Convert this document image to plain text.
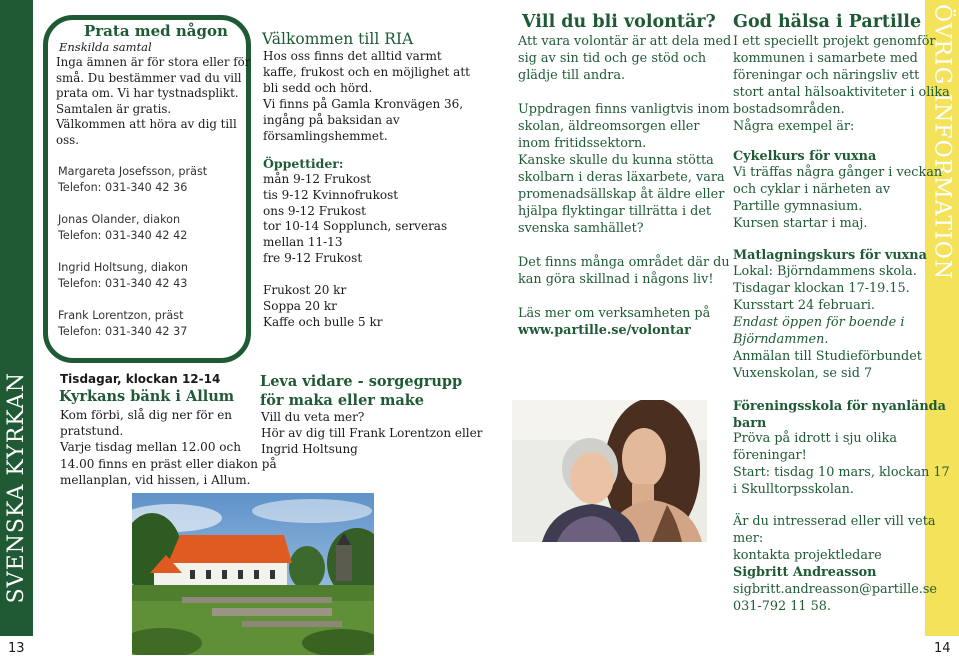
SVENSKA KYRKAN
13
ÖVRIG INFORMATION
14
Prata med någon
Enskilda samtal
Inga ämnen är för stora eller för
små. Du bestämmer vad du vill
prata om. Vi har tystnadsplikt.
Samtalen är gratis.
Välkommen att höra av dig till
oss.
Margareta Josefsson, präst
Telefon: 031-340 42 36
Jonas Olander, diakon
Telefon: 031-340 42 42
Ingrid Holtsung, diakon
Telefon: 031-340 42 43
Frank Lorentzon, präst
Telefon: 031-340 42 37
Tisdagar, klockan 12-14
Kyrkans bänk i Allum
Kom förbi, slå dig ner för en
pratstund.
Varje tisdag mellan 12.00 och
14.00 finns en präst eller diakon på
mellanplan, vid hissen, i Allum.
Välkommen till RIA
Hos oss finns det alltid varmt
kaffe, frukost och en möjlighet att
bli sedd och hörd.
Vi finns på Gamla Kronvägen 36,
ingång på baksidan av
församlingshemmet.
Öppettider:
mån 9-12 Frukost
tis 9-12 Kvinnofrukost
ons 9-12 Frukost
tor 10-14 Sopplunch, serveras
mellan 11-13
fre 9-12 Frukost
Frukost 20 kr
Soppa 20 kr
Kaffe och bulle 5 kr
Leva vidare - sorgegrupp
för maka eller make
Vill du veta mer?
Hör av dig till Frank Lorentzon eller
Ingrid Holtsung
Vill du bli volontär?
Att vara volontär är att dela med
sig av sin tid och ge stöd och
glädje till andra.
Uppdragen finns vanligtvis inom
skolan, äldreomsorgen eller
inom fritidssektorn.
Kanske skulle du kunna stötta
skolbarn i deras läxarbete, vara
promenadsällskap åt äldre eller
hjälpa flyktingar tillrätta i det
svenska samhället?
Det finns många området där du
kan göra skillnad i någons liv!
Läs mer om verksamheten på
www.partille.se/volontar
God hälsa i Partille
I ett speciellt projekt genomför
kommunen i samarbete med
föreningar och näringsliv ett
stort antal hälsoaktiviteter i olika
bostadsområden.
Några exempel är:
Cykelkurs för vuxna
Vi träffas några gånger i veckan
och cyklar i närheten av
Partille gymnasium.
Kursen startar i maj.
Matlagningskurs för vuxna
Lokal: Björndammens skola.
Tisdagar klockan 17-19.15.
Kursstart 24 februari.
Endast öppen för boende i
Björndammen.
Anmälan till Studieförbundet
Vuxenskolan, se sid 7
Föreningsskola för nyanlända
barn
Pröva på idrott i sju olika
föreningar!
Start: tisdag 10 mars, klockan 17
i Skulltorpsskolan.
Är du intresserad eller vill veta
mer:
kontakta projektledare
Sigbritt Andreasson
sigbritt.andreasson@partille.se
031-792 11 58.
